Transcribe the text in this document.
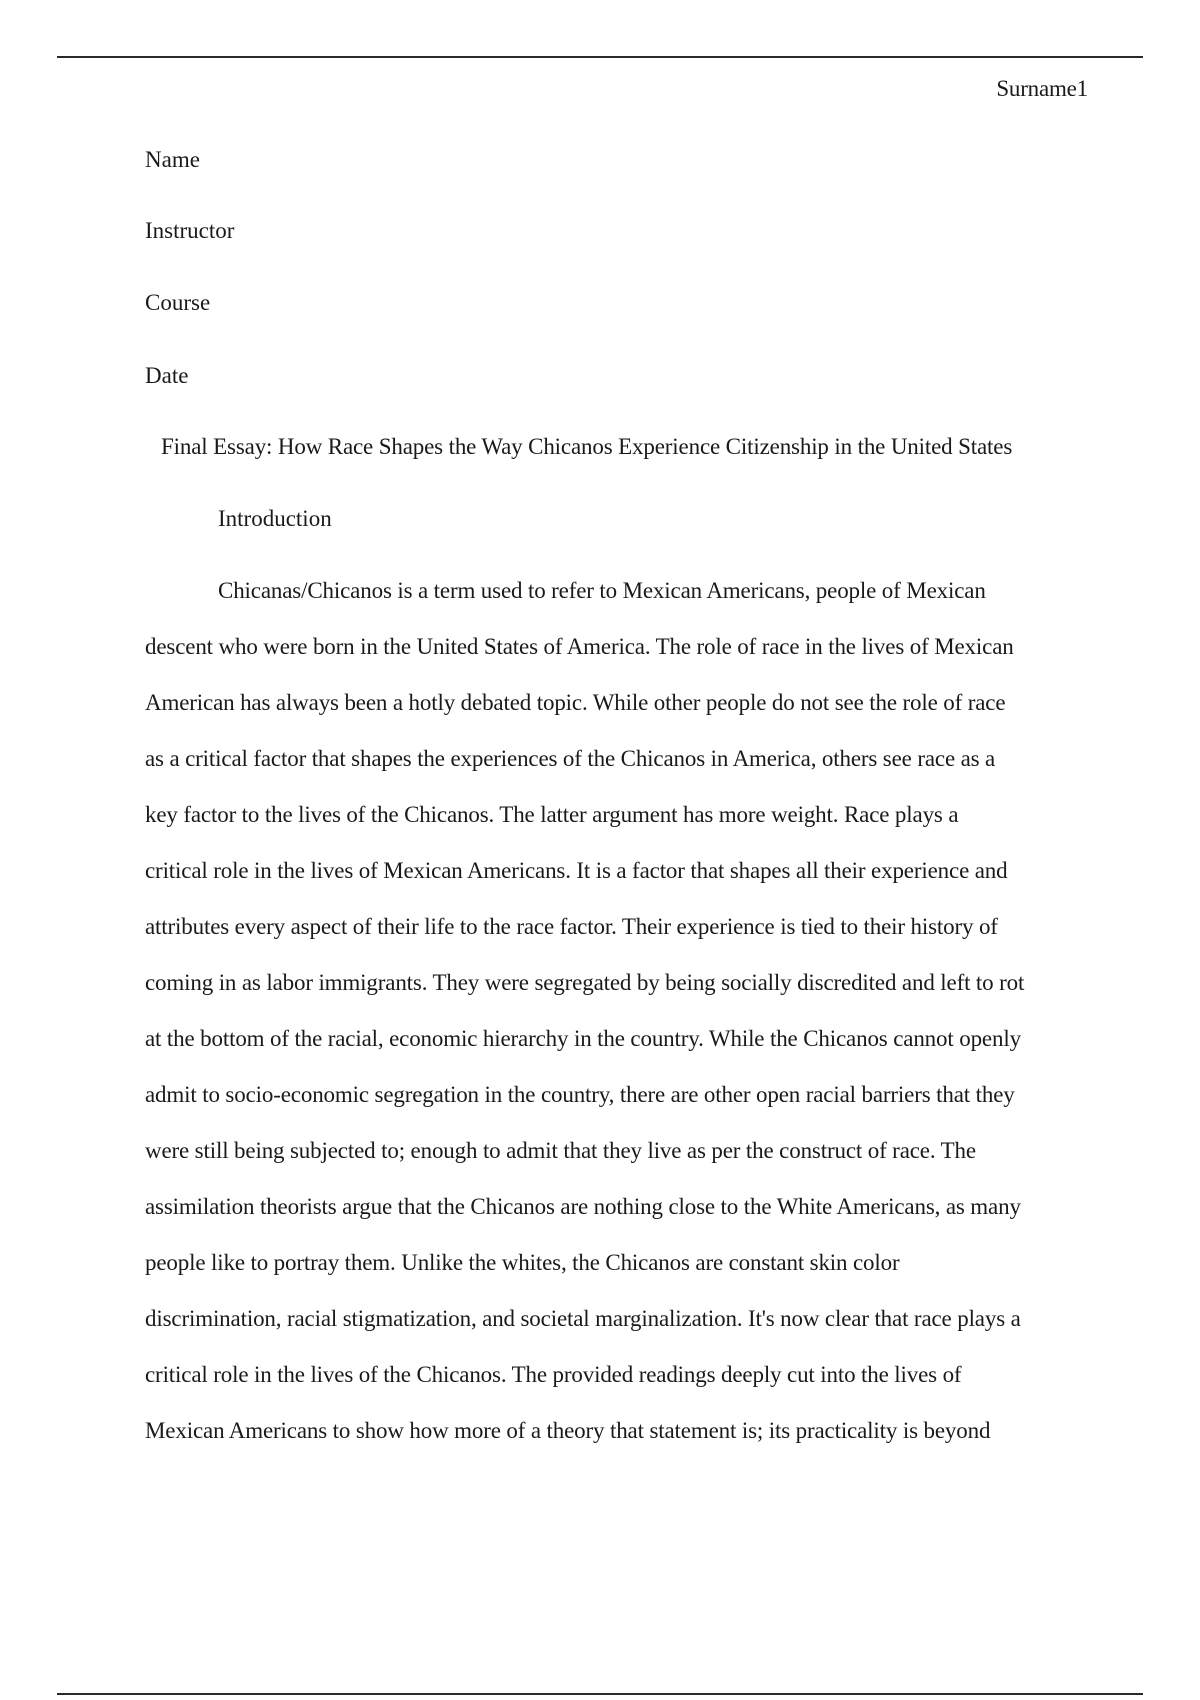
Surname1
Name
Instructor
Course
Date
Final Essay: How Race Shapes the Way Chicanos Experience Citizenship in the United States
Introduction

Chicanas/Chicanos is a term used to refer to Mexican Americans, people of Mexican
descent who were born in the United States of America. The role of race in the lives of Mexican
American has always been a hotly debated topic. While other people do not see the role of race
as a critical factor that shapes the experiences of the Chicanos in America, others see race as a
key factor to the lives of the Chicanos. The latter argument has more weight. Race plays a
critical role in the lives of Mexican Americans. It is a factor that shapes all their experience and
attributes every aspect of their life to the race factor. Their experience is tied to their history of
coming in as labor immigrants. They were segregated by being socially discredited and left to rot
at the bottom of the racial, economic hierarchy in the country. While the Chicanos cannot openly
admit to socio-economic segregation in the country, there are other open racial barriers that they
were still being subjected to; enough to admit that they live as per the construct of race. The
assimilation theorists argue that the Chicanos are nothing close to the White Americans, as many
people like to portray them. Unlike the whites, the Chicanos are constant skin color
discrimination, racial stigmatization, and societal marginalization. It's now clear that race plays a
critical role in the lives of the Chicanos. The provided readings deeply cut into the lives of
Mexican Americans to show how more of a theory that statement is; its practicality is beyond
